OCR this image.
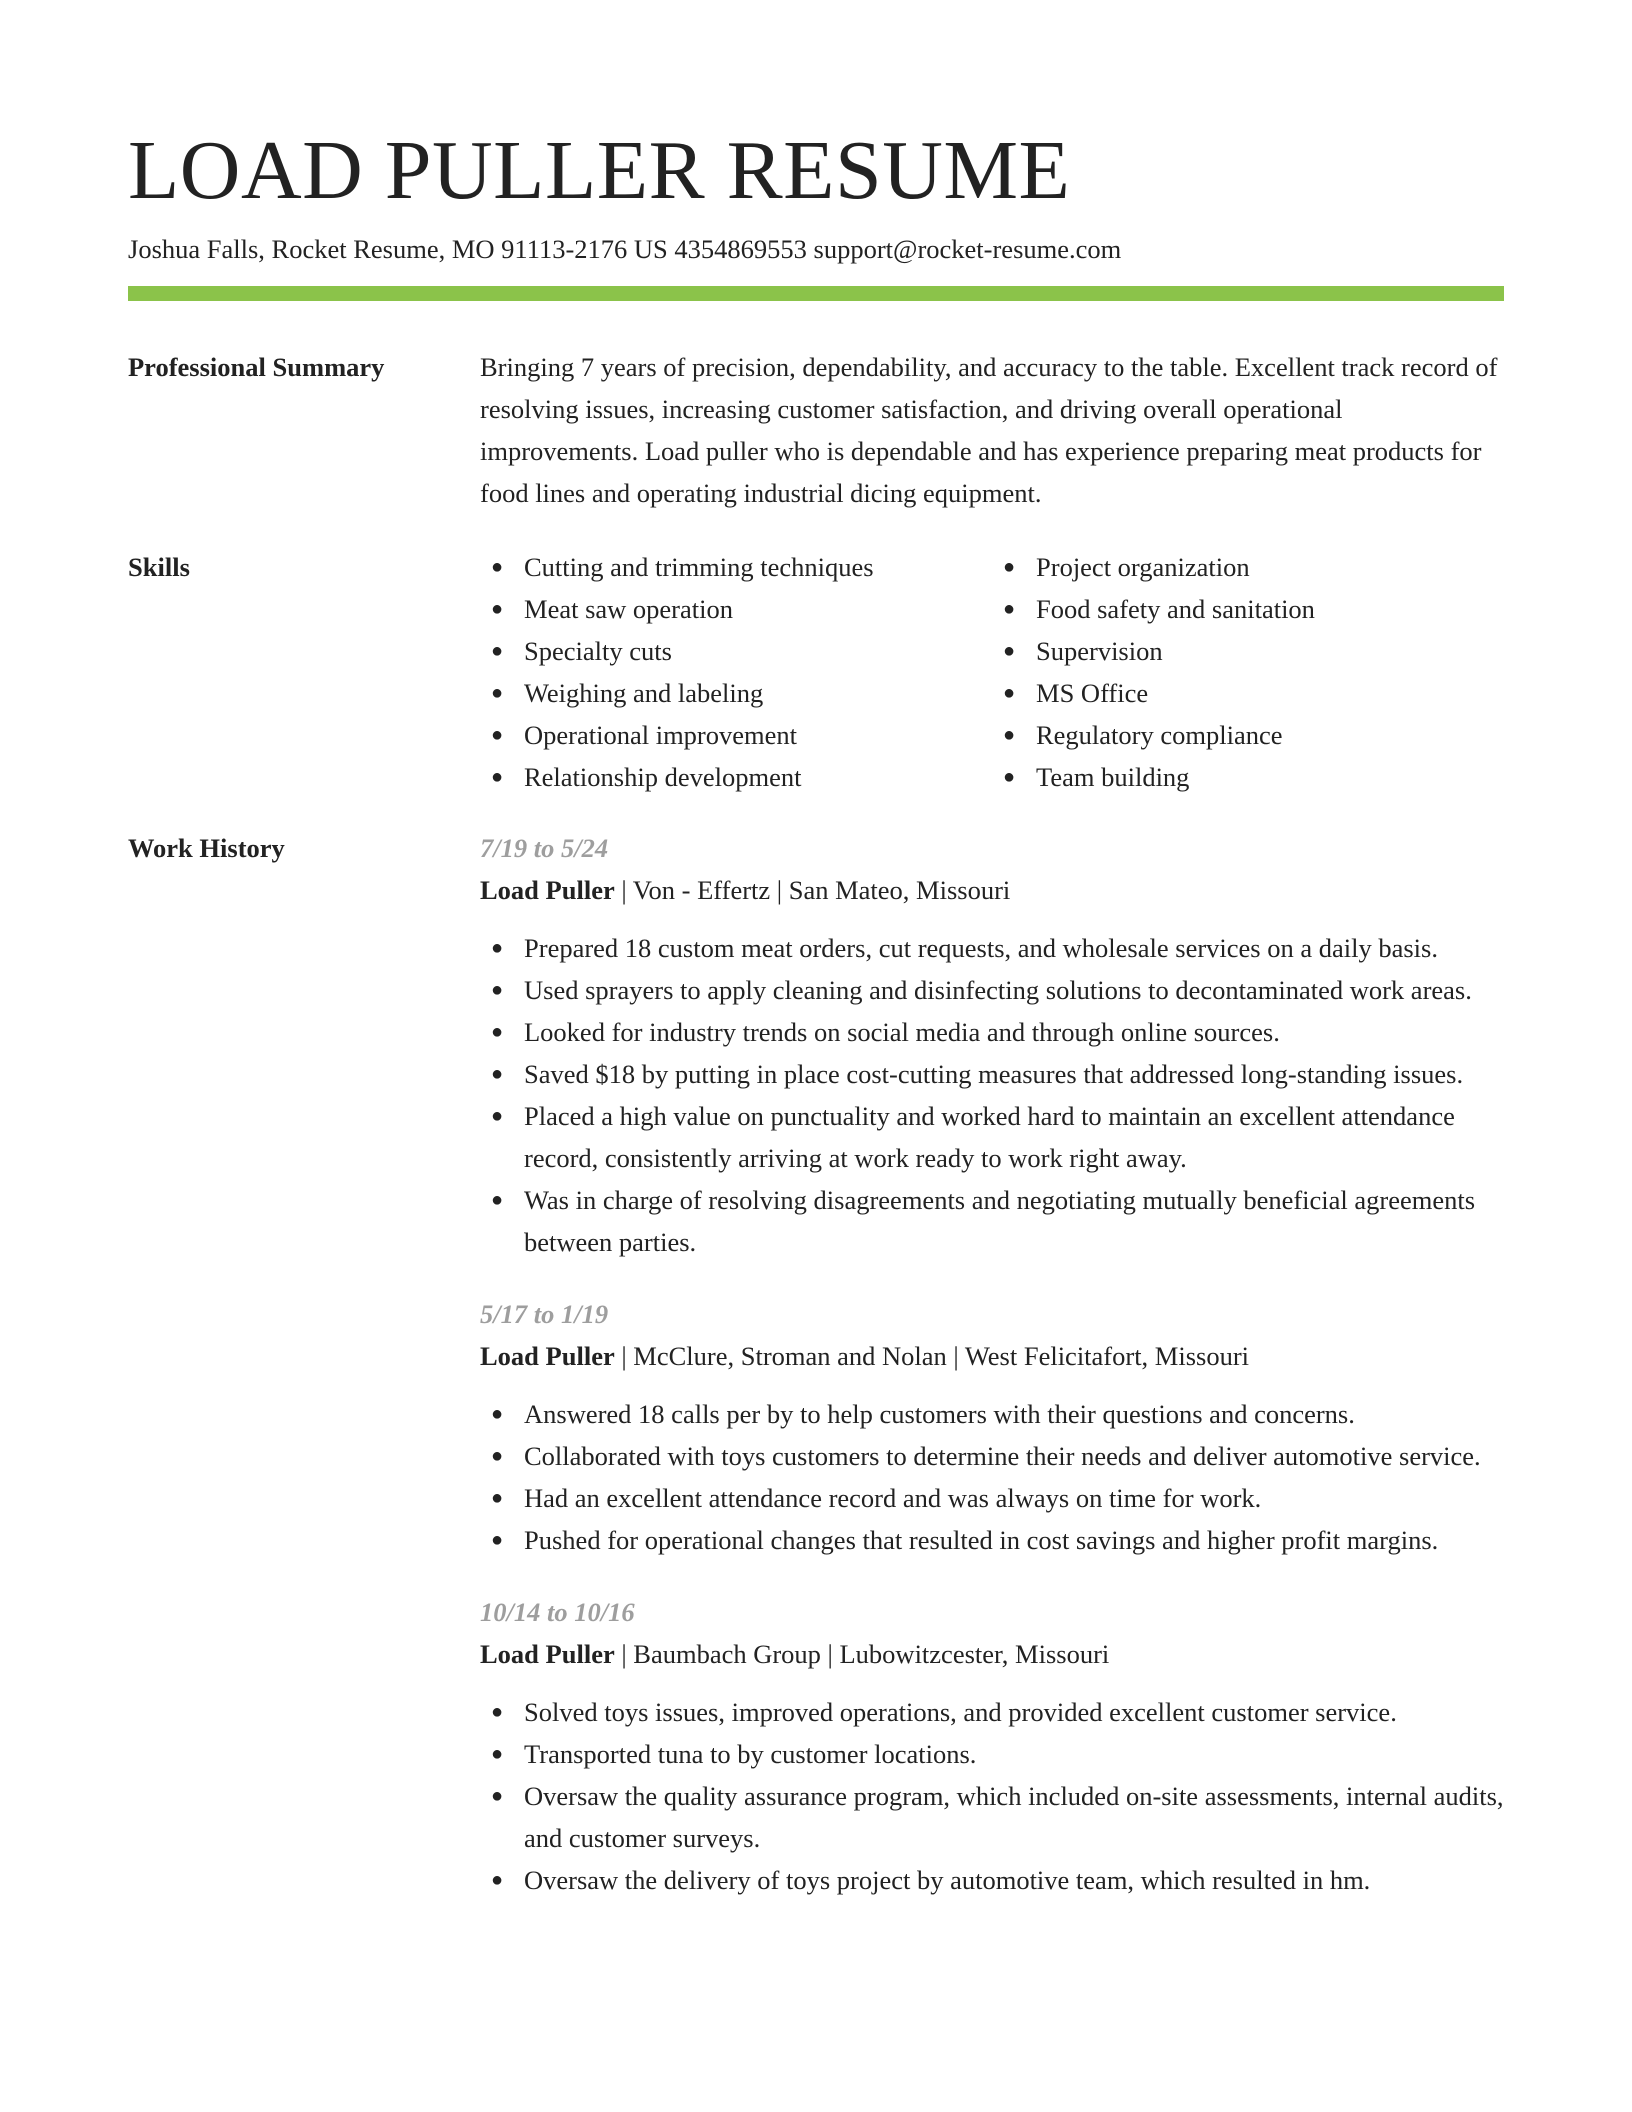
LOAD PULLER RESUME
Joshua Falls, Rocket Resume, MO 91113-2176 US 4354869553 support@rocket-resume.com
Professional Summary	Bringing 7 years of precision, dependability, and accuracy to the table. Excellent track record of resolving issues, increasing customer satisfaction, and driving overall operational improvements. Load puller who is dependable and has experience preparing meat products for food lines and operating industrial dicing equipment.

Skills	● Cutting and trimming techniques
● Meat saw operation
● Specialty cuts
● Weighing and labeling
● Operational improvement
● Relationship development
● Project organization
● Food safety and sanitation
● Supervision
● MS Office
● Regulatory compliance
● Team building
Work History	7/19 to 5/24
Load Puller | Von - Effertz | San Mateo, Missouri
● Prepared 18 custom meat orders, cut requests, and wholesale services on a daily basis.
● Used sprayers to apply cleaning and disinfecting solutions to decontaminated work areas.
● Looked for industry trends on social media and through online sources.
● Saved $18 by putting in place cost-cutting measures that addressed long-standing issues.
● Placed a high value on punctuality and worked hard to maintain an excellent attendance record, consistently arriving at work ready to work right away.
● Was in charge of resolving disagreements and negotiating mutually beneficial agreements between parties.
5/17 to 1/19
Load Puller | McClure, Stroman and Nolan | West Felicitafort, Missouri
● Answered 18 calls per by to help customers with their questions and concerns.
● Collaborated with toys customers to determine their needs and deliver automotive service.
● Had an excellent attendance record and was always on time for work.
● Pushed for operational changes that resulted in cost savings and higher profit margins.
10/14 to 10/16
Load Puller | Baumbach Group | Lubowitzcester, Missouri
● Solved toys issues, improved operations, and provided excellent customer service.
● Transported tuna to by customer locations.
● Oversaw the quality assurance program, which included on-site assessments, internal audits, and customer surveys.
● Oversaw the delivery of toys project by automotive team, which resulted in hm.
